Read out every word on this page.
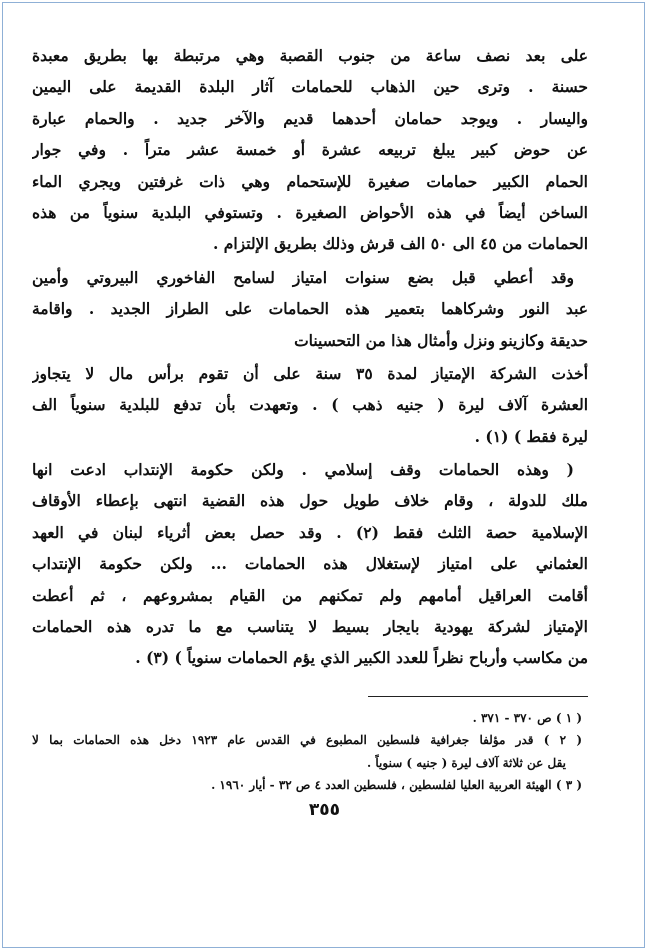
على بعد نصف ساعة من جنوب القصبة وهي مرتبطة بها بطريق معبدة
حسنة . وترى حين الذهاب للحمامات آثار البلدة القديمة على اليمين
واليسار . ويوجد حمامان أحدهما قديم والآخر جديد . والحمام عبارة
عن حوض كبير يبلغ تربيعه عشرة أو خمسة عشر متراً . وفي جوار
الحمام الكبير حمامات صغيرة للإستحمام وهي ذات غرفتين ويجري الماء
الساخن أيضاً في هذه الأحواض الصغيرة . وتستوفي البلدية سنوياً من هذه
الحمامات من ٤٥ الى ٥٠ الف قرش وذلك بطريق الإلتزام .
وقد أعطي قبل بضع سنوات امتياز لسامح الفاخوري البيروتي وأمين
عبد النور وشركاهما بتعمير هذه الحمامات على الطراز الجديد . واقامة
حديقة وكازينو ونزل وأمثال هذا من التحسينات
أخذت الشركة الإمتياز لمدة ٣٥ سنة على أن تقوم برأس مال لا يتجاوز
العشرة آلاف ليرة ( جنيه ذهب ) . وتعهدت بأن تدفع للبلدية سنوياً الف
ليرة فقط ) (١) .
( وهذه الحمامات وقف إسلامي . ولكن حكومة الإنتداب ادعت انها
ملك للدولة ، وقام خلاف طويل حول هذه القضية انتهى بإعطاء الأوقاف
الإسلامية حصة الثلث فقط (٢) . وقد حصل بعض أثرياء لبنان في العهد
العثماني على امتياز لإستغلال هذه الحمامات ... ولكن حكومة الإنتداب
أقامت العراقيل أمامهم ولم تمكنهم من القيام بمشروعهم ، ثم أعطت
الإمتياز لشركة يهودية بايجار بسيط لا يتناسب مع ما تدره هذه الحمامات
من مكاسب وأرباح نظراً للعدد الكبير الذي يؤم الحمامات سنوياً ) (٣) .
( ١ ) ص ٣٧٠ - ٣٧١ .
( ٢ ) قدر مؤلفا جغرافية فلسطين المطبوع في القدس عام ١٩٢٣ دخل هذه الحمامات بما لا
يقل عن ثلاثة آلاف ليرة ( جنيه ) سنوياً .
( ٣ ) الهيئة العربية العليا لفلسطين ، فلسطين العدد ٤ ص ٣٢ - أيار ١٩٦٠ .
٣٥٥
